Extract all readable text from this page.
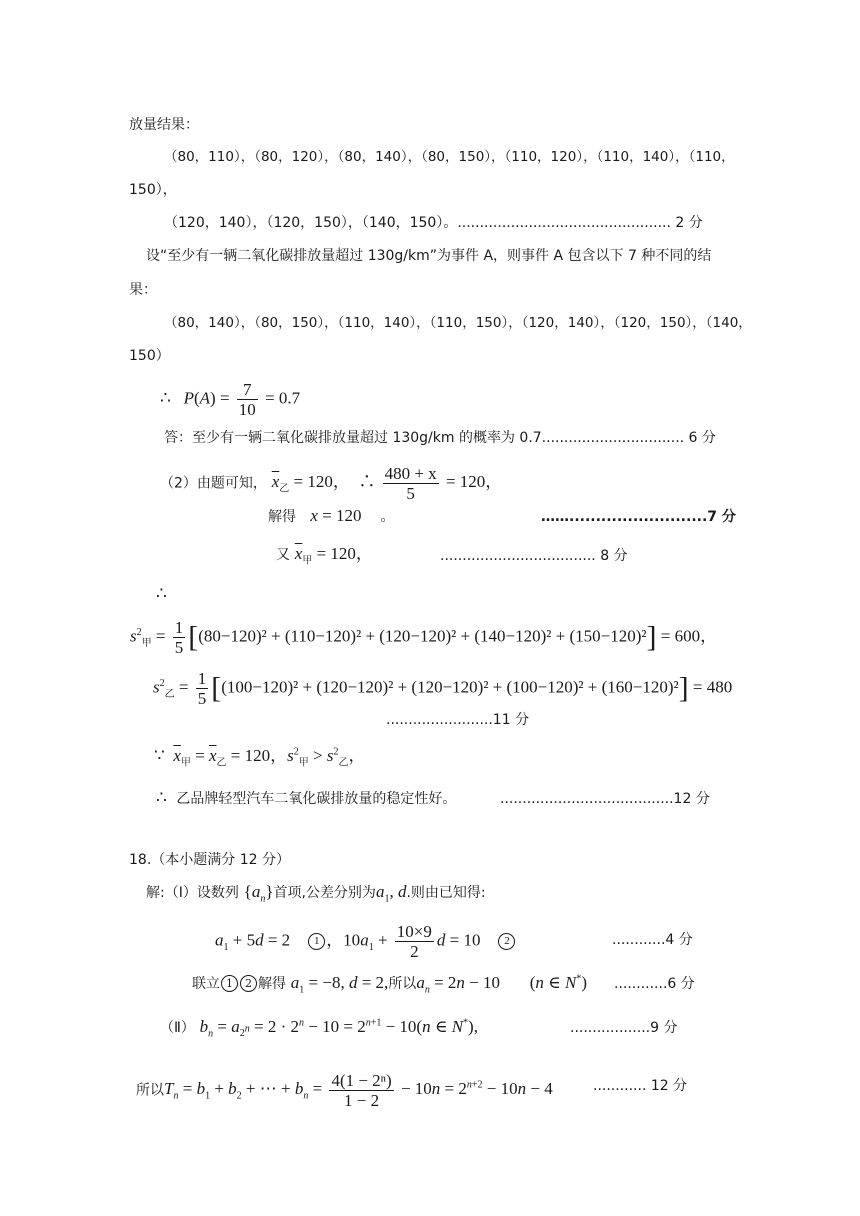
放量结果：
（80，110），（80，120），（80，140），（80，150），（110，120），（110，140），（110，
150），
（120，140），（120，150），（140，150）。................................................ 2 分
设“至少有一辆二氧化碳排放量超过 130g/km”为事件 A，则事件 A 包含以下 7 种不同的结
果：
（80，140），（80，150），（110，140），（110，150），（120，140），（120，150），（140，
150）
∴   $P(A) = \frac{7}{10} = 0.7$
答：至少有一辆二氧化碳排放量超过 130g/km 的概率为 0.7................................ 6 分
（2）由题可知， $\overline{x}_乙 = 120$，  ∴ $\frac{480 + x}{5} = 120$，
解得 x = 120 。	……..........................7 分
又 $\overline{x}_甲 = 120$，	................................... 8 分
∴
$s^2_甲 = \frac{1}{5} [(80-120)^2 + (110-120)^2 + (120-120)^2 + (140-120)^2 + (150-120)^2] = 600$，
$s^2_乙 = \frac{1}{5} [(100-120)^2 + (120-120)^2 + (120-120)^2 + (100-120)^2 + (160-120)^2] = 480$
........................11 分
∵ $\overline{x}_甲 = \overline{x}_乙 = 120$，$s^2_甲 > s^2_乙$，
∴ 乙品牌轻型汽车二氧化碳排放量的稳定性好。	.......................................12 分
18.（本小题满分 12 分）
解:（Ⅰ）设数列 $\{a_n\}$首项,公差分别为$a_1$, d.则由已知得:
$a_1 + 5d = 2$    1 ，$10a_1 + \frac{10\times 9}{2}$ d = 10    2	............4 分
联立 1 2 解得 $a_1 = -8$, d = 2,所以$a_n = 2n - 10$       (n ∈ N*) ............6 分
（Ⅱ） $b_n = a_{2^n} = 2 \cdot 2^n - 10 = 2^{n+1} - 10(n$ ∈ N*),	..................9 分
所以$T_n = b_1 + b_2$ + ⋯ + $b_n = \frac{\text{4(1 − 2ⁿ)}}{1 - 2} - 10n = 2^{n+2} - 10n - 4$	............ 12 分
